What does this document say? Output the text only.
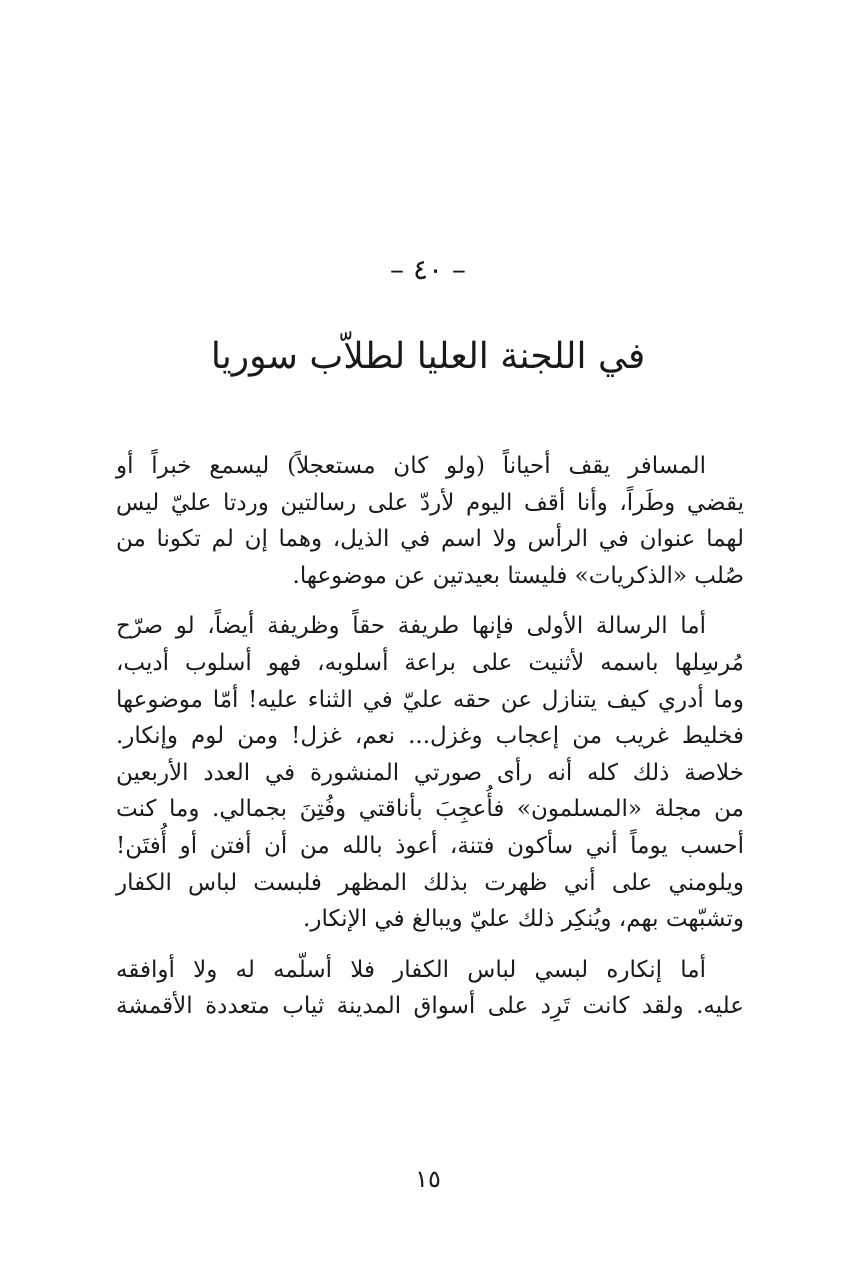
– ٤٠ –
في اللجنة العليا لطلاّب سوريا
المسافر يقف أحياناً (ولو كان مستعجلاً) ليسمع خبراً أو
يقضي وطَراً، وأنا أقف اليوم لأردّ على رسالتين وردتا عليّ ليس
لهما عنوان في الرأس ولا اسم في الذيل، وهما إن لم تكونا من
صُلب «الذكريات» فليستا بعيدتين عن موضوعها.
أما الرسالة الأولى فإنها طريفة حقاً وظريفة أيضاً، لو صرّح
مُرسِلها باسمه لأثنيت على براعة أسلوبه، فهو أسلوب أديب،
وما أدري كيف يتنازل عن حقه عليّ في الثناء عليه! أمّا موضوعها
فخليط غريب من إعجاب وغزل... نعم، غزل! ومن لوم وإنكار.
خلاصة ذلك كله أنه رأى صورتي المنشورة في العدد الأربعين
من مجلة «المسلمون» فأُعجِبَ بأناقتي وفُتِنَ بجمالي. وما كنت
أحسب يوماً أني سأكون فتنة، أعوذ بالله من أن أفتن أو أُفتَن!
ويلومني على أني ظهرت بذلك المظهر فلبست لباس الكفار
وتشبّهت بهم، ويُنكِر ذلك عليّ ويبالغ في الإنكار.
أما إنكاره لبسي لباس الكفار فلا أسلّمه له ولا أوافقه
عليه. ولقد كانت تَرِد على أسواق المدينة ثياب متعددة الأقمشة
١٥
